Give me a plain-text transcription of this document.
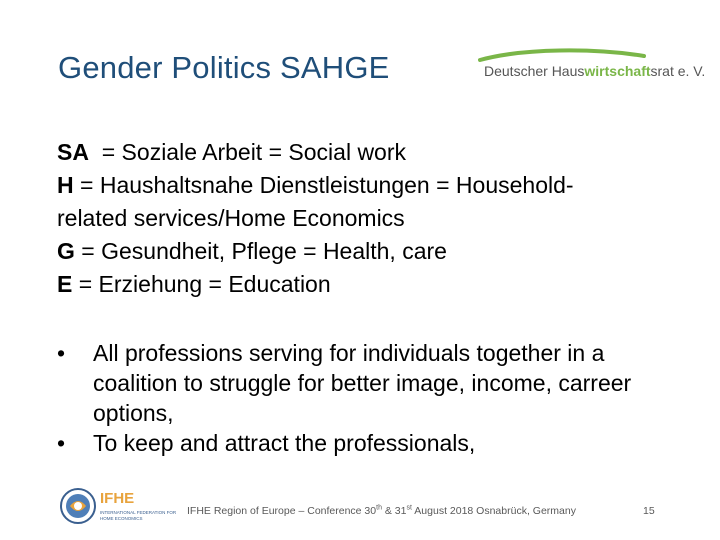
Gender Politics SAHGE	Deutscher Hauswirtschaftsrat e. V.
SA  = Soziale Arbeit = Social work
H = Haushaltsnahe Dienstleistungen = Household-
related services/Home Economics
G = Gesundheit, Pflege = Health, care
E = Erziehung = Education
•	All professions serving for individuals together in a coalition to struggle for better image, income, carreer options,
•	To keep and attract the professionals,
IFHE
INTERNATIONAL FEDERATION FOR
HOME ECONOMICS
IFHE Region of Europe – Conference 30th & 31st August 2018 Osnabrück, Germany	15
